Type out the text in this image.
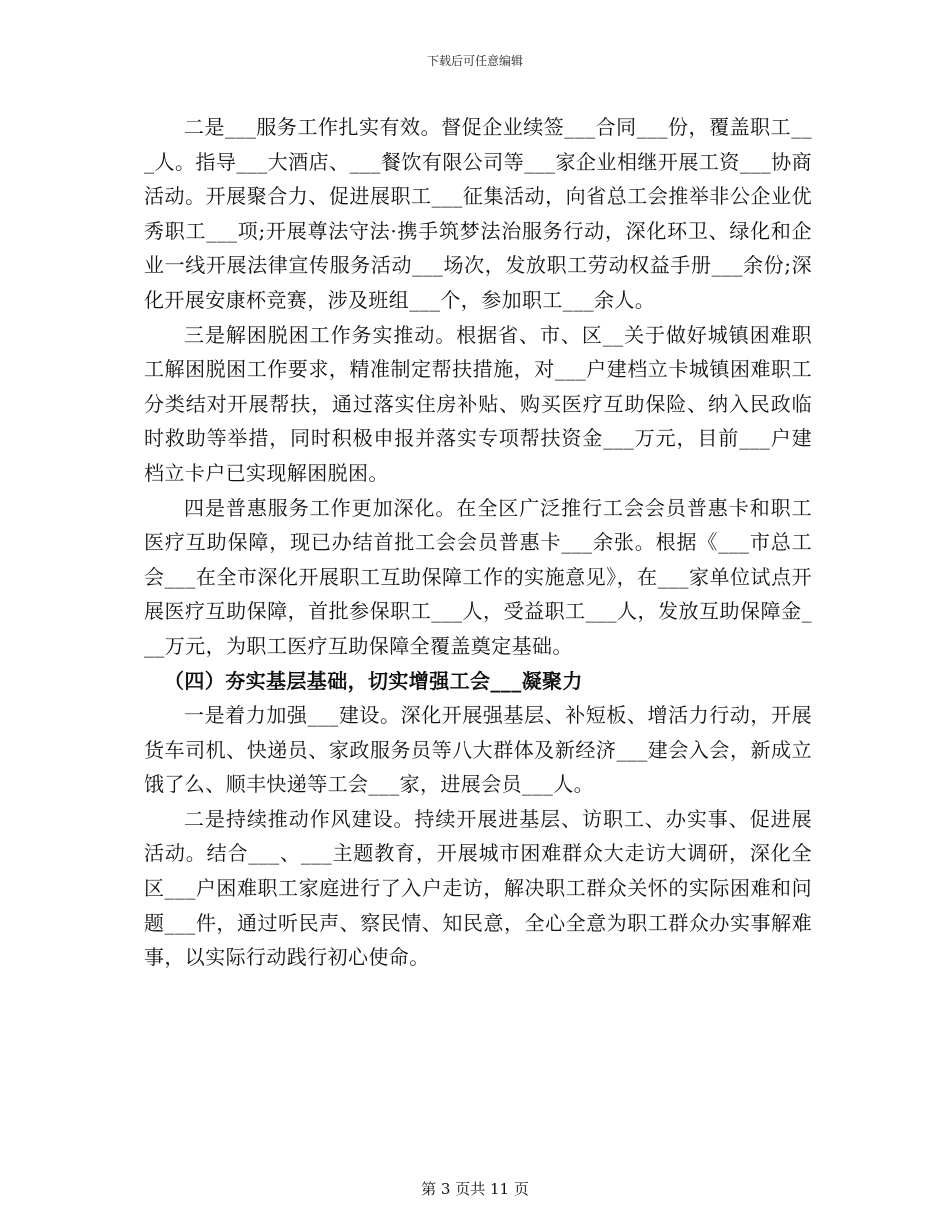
下载后可任意编辑

二是___服务工作扎实有效。督促企业续签___合同___份，覆盖职工___人。指导___大酒店、___餐饮有限公司等___家企业相继开展工资___协商活动。开展聚合力、促进展职工___征集活动，向省总工会推举非公企业优秀职工___项;开展尊法守法·携手筑梦法治服务行动，深化环卫、绿化和企业一线开展法律宣传服务活动___场次，发放职工劳动权益手册___余份;深化开展安康杯竞赛，涉及班组___个，参加职工___余人。

三是解困脱困工作务实推动。根据省、市、区__关于做好城镇困难职工解困脱困工作要求，精准制定帮扶措施，对___户建档立卡城镇困难职工分类结对开展帮扶，通过落实住房补贴、购买医疗互助保险、纳入民政临时救助等举措，同时积极申报并落实专项帮扶资金___万元，目前___户建档立卡户已实现解困脱困。

四是普惠服务工作更加深化。在全区广泛推行工会会员普惠卡和职工医疗互助保障，现已办结首批工会会员普惠卡___余张。根据《___市总工会___在全市深化开展职工互助保障工作的实施意见》，在___家单位试点开展医疗互助保障，首批参保职工___人，受益职工___人，发放互助保障金___万元，为职工医疗互助保障全覆盖奠定基础。

（四）夯实基层基础，切实增强工会___凝聚力

一是着力加强___建设。深化开展强基层、补短板、增活力行动，开展货车司机、快递员、家政服务员等八大群体及新经济___建会入会，新成立饿了么、顺丰快递等工会___家，进展会员___人。

二是持续推动作风建设。持续开展进基层、访职工、办实事、促进展活动。结合___、___主题教育，开展城市困难群众大走访大调研，深化全区___户困难职工家庭进行了入户走访，解决职工群众关怀的实际困难和问题___件，通过听民声、察民情、知民意，全心全意为职工群众办实事解难事，以实际行动践行初心使命。

第 3 页共 11 页
